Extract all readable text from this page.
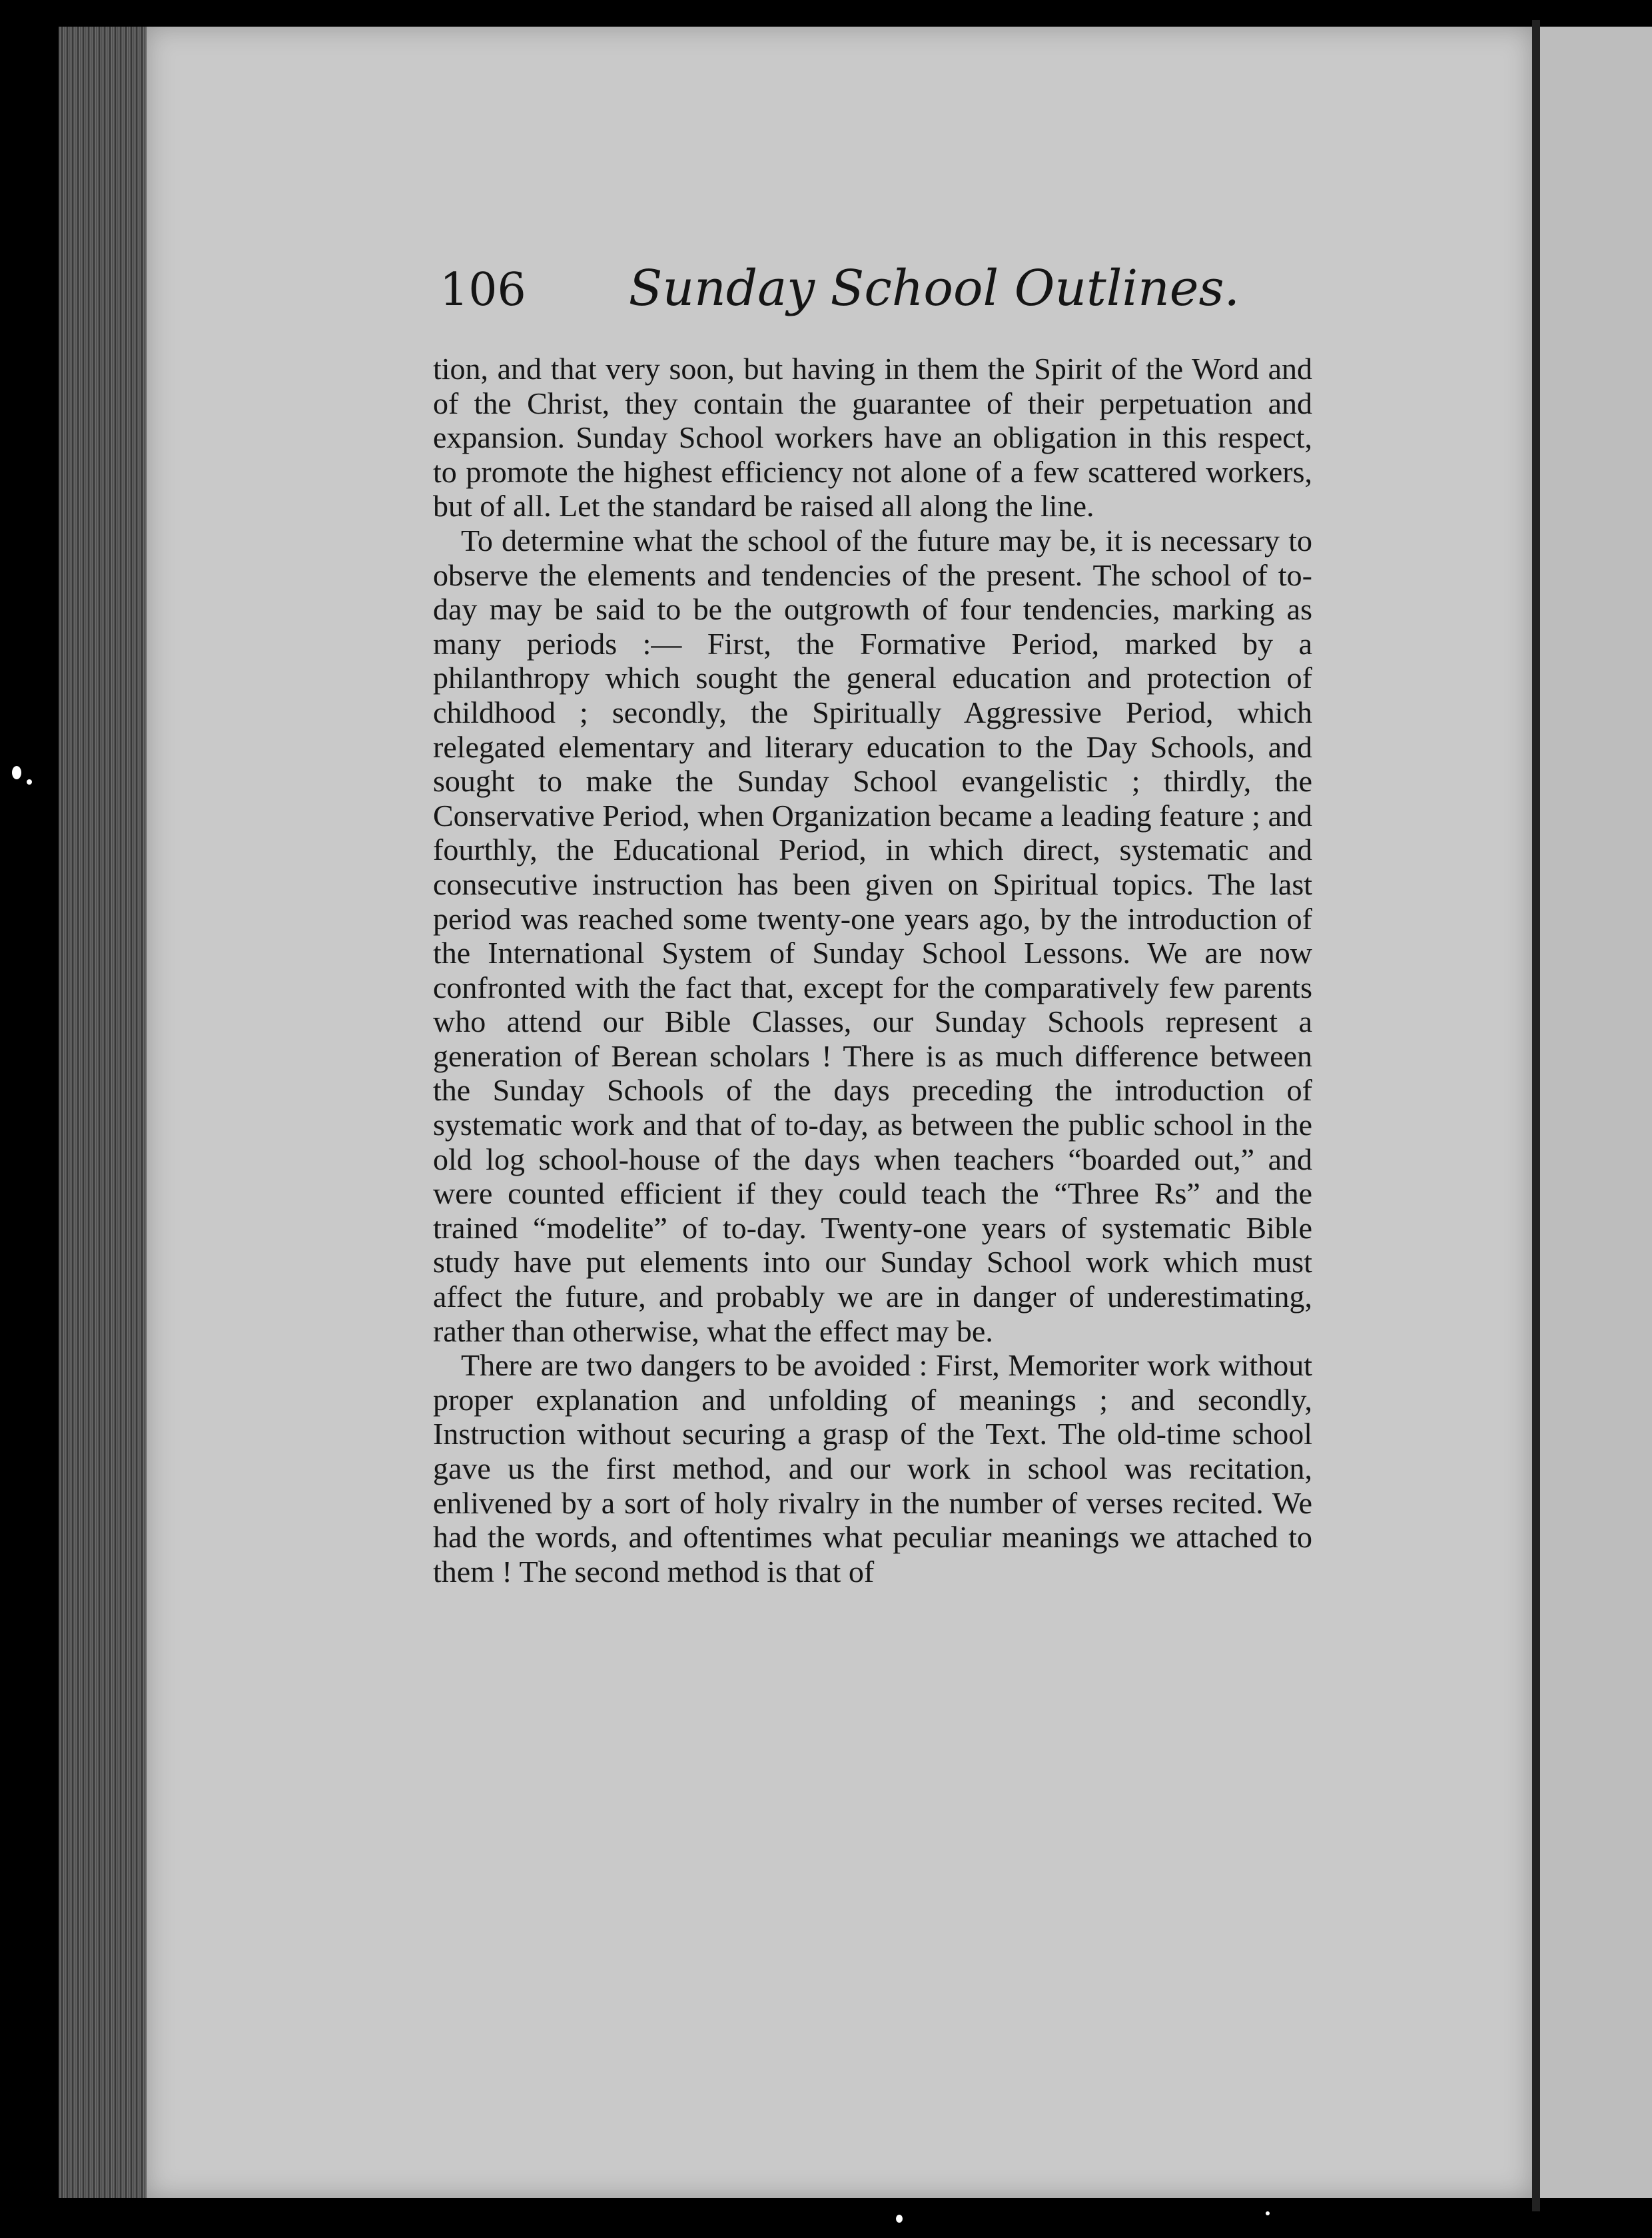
106 Sunday School Outlines.

tion, and that very soon, but having in them the Spirit of the Word and of the Christ, they contain the guarantee of their perpetuation and expansion. Sunday School workers have an obligation in this respect, to promote the highest efficiency not alone of a few scattered workers, but of all. Let the standard be raised all along the line.

To determine what the school of the future may be, it is necessary to observe the elements and tendencies of the present. The school of to-day may be said to be the outgrowth of four tendencies, marking as many periods :— First, the Formative Period, marked by a philanthropy which sought the general education and protection of childhood ; secondly, the Spiritually Aggressive Period, which relegated elementary and literary education to the Day Schools, and sought to make the Sunday School evangelistic ; thirdly, the Conservative Period, when Organization became a leading feature ; and fourthly, the Educational Period, in which direct, systematic and consecutive instruction has been given on Spiritual topics. The last period was reached some twenty-one years ago, by the introduction of the International System of Sunday School Lessons. We are now confronted with the fact that, except for the comparatively few parents who attend our Bible Classes, our Sunday Schools represent a generation of Berean scholars ! There is as much difference between the Sunday Schools of the days preceding the introduction of systematic work and that of to-day, as between the public school in the old log school-house of the days when teachers “boarded out,” and were counted efficient if they could teach the “Three Rs” and the trained “modelite” of to-day. Twenty-one years of systematic Bible study have put elements into our Sunday School work which must affect the future, and probably we are in danger of underestimating, rather than otherwise, what the effect may be.

There are two dangers to be avoided : First, Memoriter work without proper explanation and unfolding of meanings ; and secondly, Instruction without securing a grasp of the Text. The old-time school gave us the first method, and our work in school was recitation, enlivened by a sort of holy rivalry in the number of verses recited. We had the words, and oftentimes what peculiar meanings we attached to them ! The second method is that of
